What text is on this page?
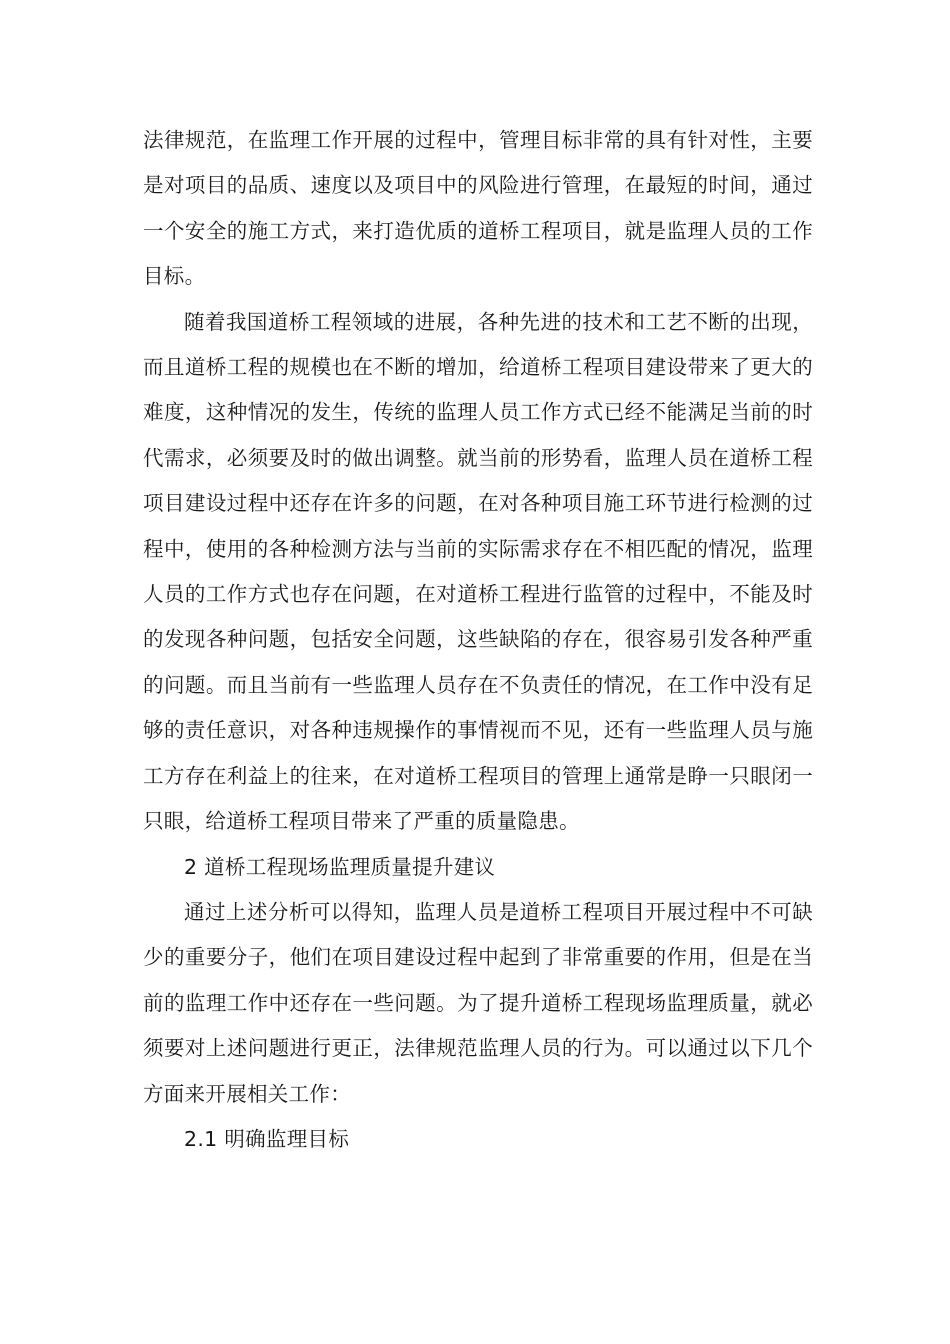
法律规范，在监理工作开展的过程中，管理目标非常的具有针对性，主要是对项目的品质、速度以及项目中的风险进行管理，在最短的时间，通过一个安全的施工方式，来打造优质的道桥工程项目，就是监理人员的工作目标。

随着我国道桥工程领域的进展，各种先进的技术和工艺不断的出现，而且道桥工程的规模也在不断的增加，给道桥工程项目建设带来了更大的难度，这种情况的发生，传统的监理人员工作方式已经不能满足当前的时代需求，必须要及时的做出调整。就当前的形势看，监理人员在道桥工程项目建设过程中还存在许多的问题，在对各种项目施工环节进行检测的过程中，使用的各种检测方法与当前的实际需求存在不相匹配的情况，监理人员的工作方式也存在问题，在对道桥工程进行监管的过程中，不能及时的发现各种问题，包括安全问题，这些缺陷的存在，很容易引发各种严重的问题。而且当前有一些监理人员存在不负责任的情况，在工作中没有足够的责任意识，对各种违规操作的事情视而不见，还有一些监理人员与施工方存在利益上的往来，在对道桥工程项目的管理上通常是睁一只眼闭一只眼，给道桥工程项目带来了严重的质量隐患。

2 道桥工程现场监理质量提升建议

通过上述分析可以得知，监理人员是道桥工程项目开展过程中不可缺少的重要分子，他们在项目建设过程中起到了非常重要的作用，但是在当前的监理工作中还存在一些问题。为了提升道桥工程现场监理质量，就必须要对上述问题进行更正，法律规范监理人员的行为。可以通过以下几个方面来开展相关工作：

2.1 明确监理目标
